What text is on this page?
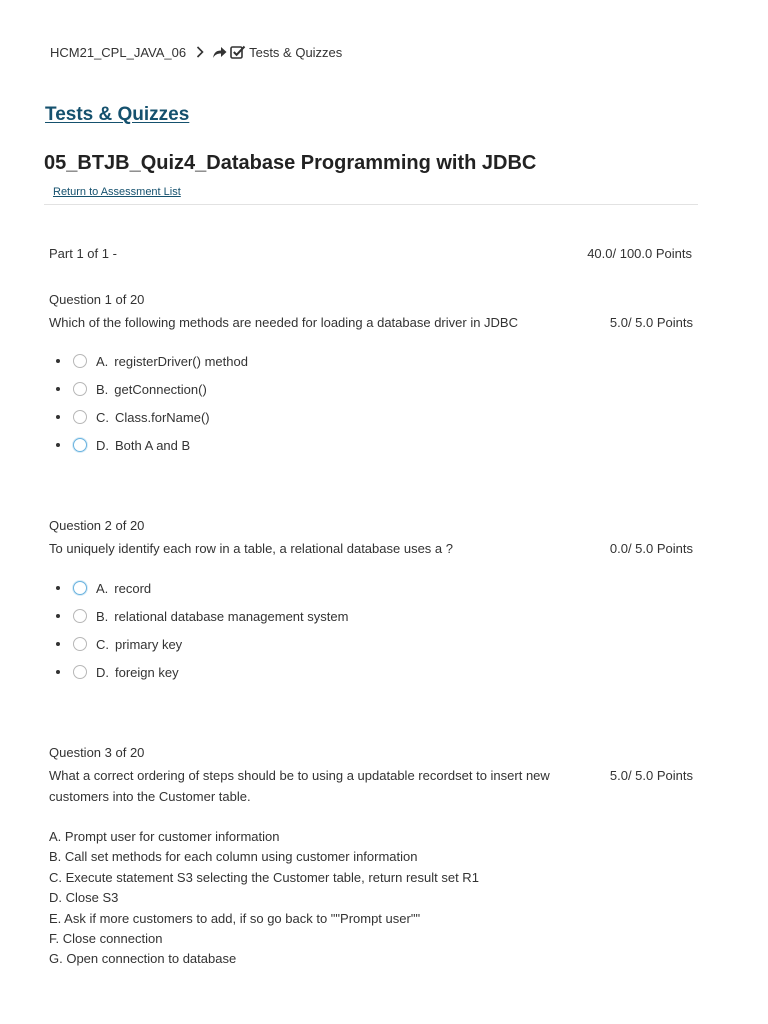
HCM21_CPL_JAVA_06	Tests & Quizzes
Tests & Quizzes
05_BTJB_Quiz4_Database Programming with JDBC
Return to Assessment List
Part 1 of 1 -	40.0/ 100.0 Points
Question 1 of 20
Which of the following methods are needed for loading a database driver in JDBC	5.0/ 5.0 Points
A. registerDriver() method
B. getConnection()
C. Class.forName()
D. Both A and B
Question 2 of 20
To uniquely identify each row in a table, a relational database uses a ?	0.0/ 5.0 Points
A. record
B. relational database management system
C. primary key
D. foreign key
Question 3 of 20
What a correct ordering of steps should be to using a updatable recordset to insert new customers into the Customer table.
5.0/ 5.0 Points
A. Prompt user for customer information
B. Call set methods for each column using customer information
C. Execute statement S3 selecting the Customer table, return result set R1
D. Close S3
E. Ask if more customers to add, if so go back to ""Prompt user""
F. Close connection
G. Open connection to database
